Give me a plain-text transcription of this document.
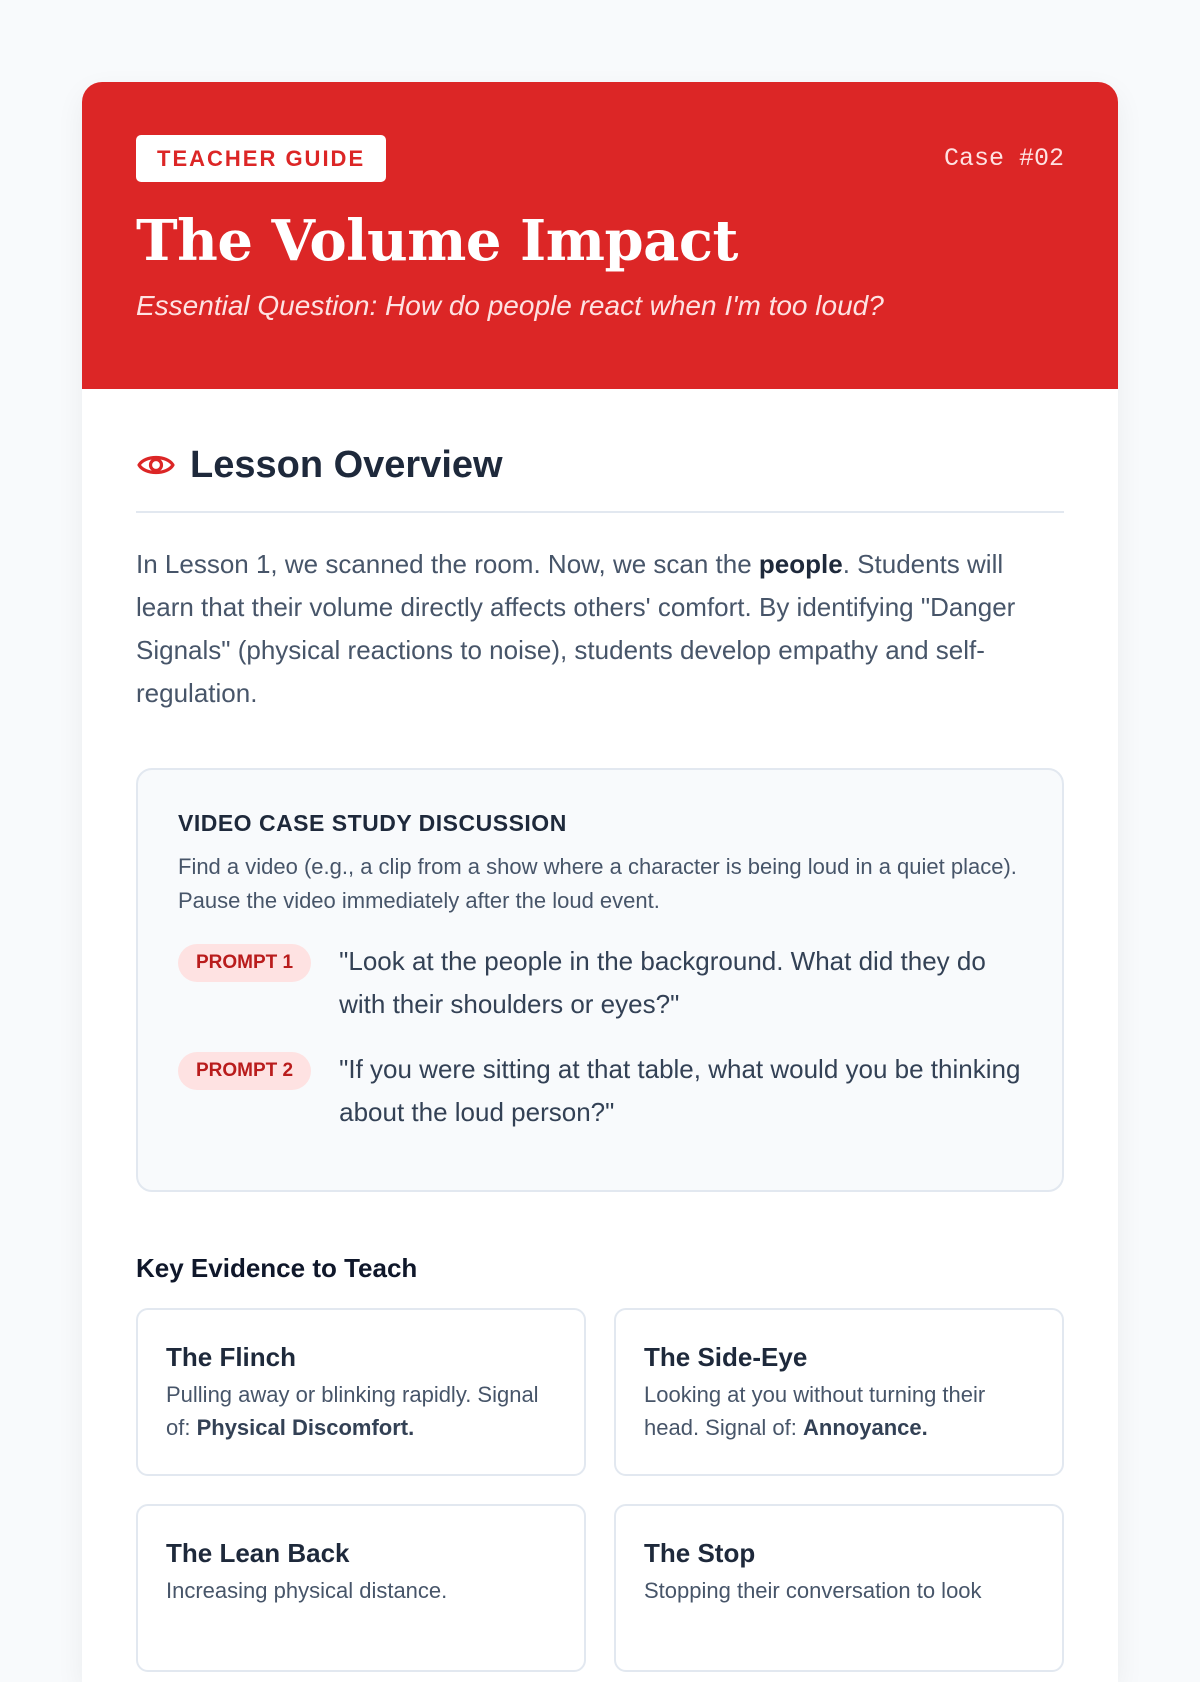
TEACHER GUIDE	Case #02
The Volume Impact

Essential Question: How do people react when I'm too loud?

Lesson Overview

In Lesson 1, we scanned the room. Now, we scan the people. Students will learn that their volume directly affects others' comfort. By identifying "Danger Signals" (physical reactions to noise), students develop empathy and self-regulation.

VIDEO CASE STUDY DISCUSSION

Find a video (e.g., a clip from a show where a character is being loud in a quiet place). Pause the video immediately after the loud event.

PROMPT 1	"Look at the people in the background. What did they do with their shoulders or eyes?"

PROMPT 2	"If you were sitting at that table, what would you be thinking about the loud person?"

Key Evidence to Teach
The Flinch

Pulling away or blinking rapidly. Signal of: Physical Discomfort.

The Side-Eye

Looking at you without turning their head. Signal of: Annoyance.

The Lean Back

Increasing physical distance.

The Stop

Stopping their conversation to look
